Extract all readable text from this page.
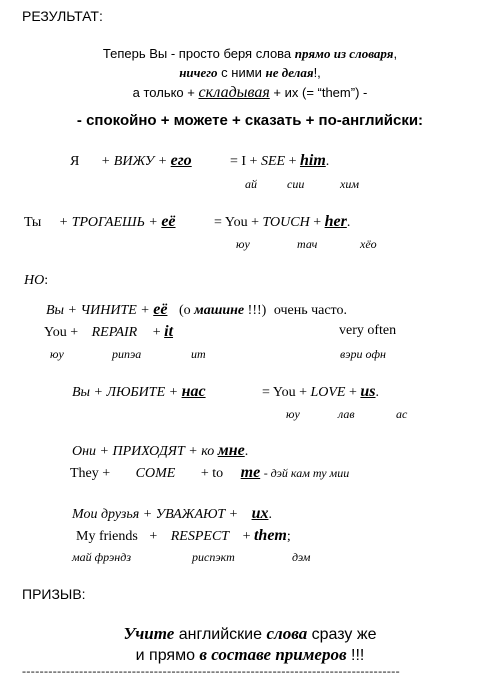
РЕЗУЛЬТАТ:
Теперь Вы - просто беря слова прямо из словаря,
ничего с ними не делая!,
а только + складывая + их (= “them”) -
- спокойно + можете + сказать + по-английски:
Я + ВИЖУ + его	= I + SEE + him.
ай	сии	хим
Ты + ТРОГАЕШЬ + её	= You + TOUCH + her.
юу	тач	хёо
НО:
Вы + ЧИНИТЕ + её (о машине !!!) очень часто.
You + REPAIR + it	very often
юу	рипэа	ит	вэри офн
Вы + ЛЮБИТЕ + нас	= You + LOVE + us.
юу	лав	ас
Они + ПРИХОДЯТ + ко мне.
They + COME + to me - дэй кам ту мии
Мои друзья + УВАЖАЮТ + их.
My friends + RESPECT + them;
май фрэндз	риспэкт	дэм
ПРИЗЫВ:
Учите английские слова сразу же
и прямо в составе примеров !!!
--------------------------------------------------------------------------------------
